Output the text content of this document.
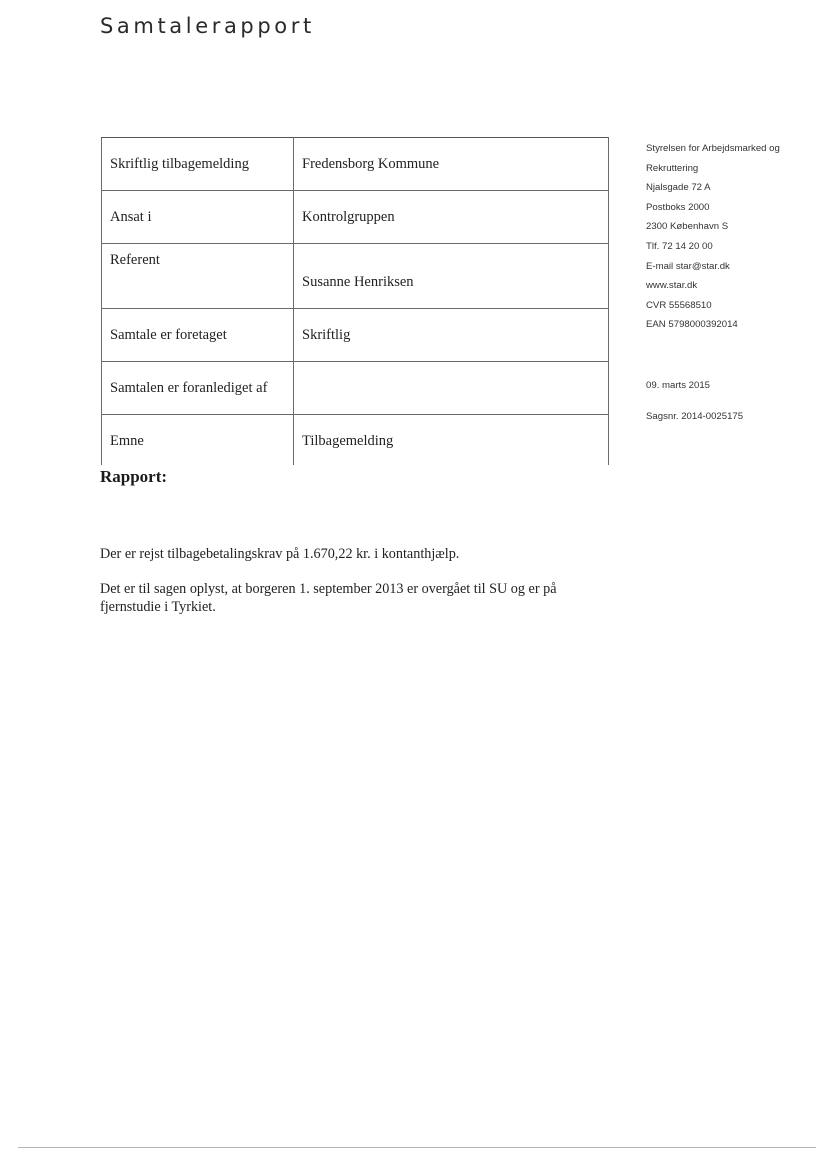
Samtalerapport
Skriftlig tilbagemelding	Fredensborg Kommune
Ansat i	Kontrolgruppen
Referent	Susanne Henriksen
Samtale er foretaget	Skriftlig
Samtalen er foranlediget af	
Emne	Tilbagemelding
Styrelsen for Arbejdsmarked og
Rekruttering
Njalsgade 72 A
Postboks 2000
2300 København S
Tlf. 72 14 20 00
E-mail star@star.dk
www.star.dk
CVR 55568510
EAN 5798000392014
09. marts 2015
Sagsnr. 2014-0025175
Rapport:

Der er rejst tilbagebetalingskrav på 1.670,22 kr. i kontanthjælp.

Det er til sagen oplyst, at borgeren 1. september 2013 er overgået til SU og er på fjernstudie i Tyrkiet.
